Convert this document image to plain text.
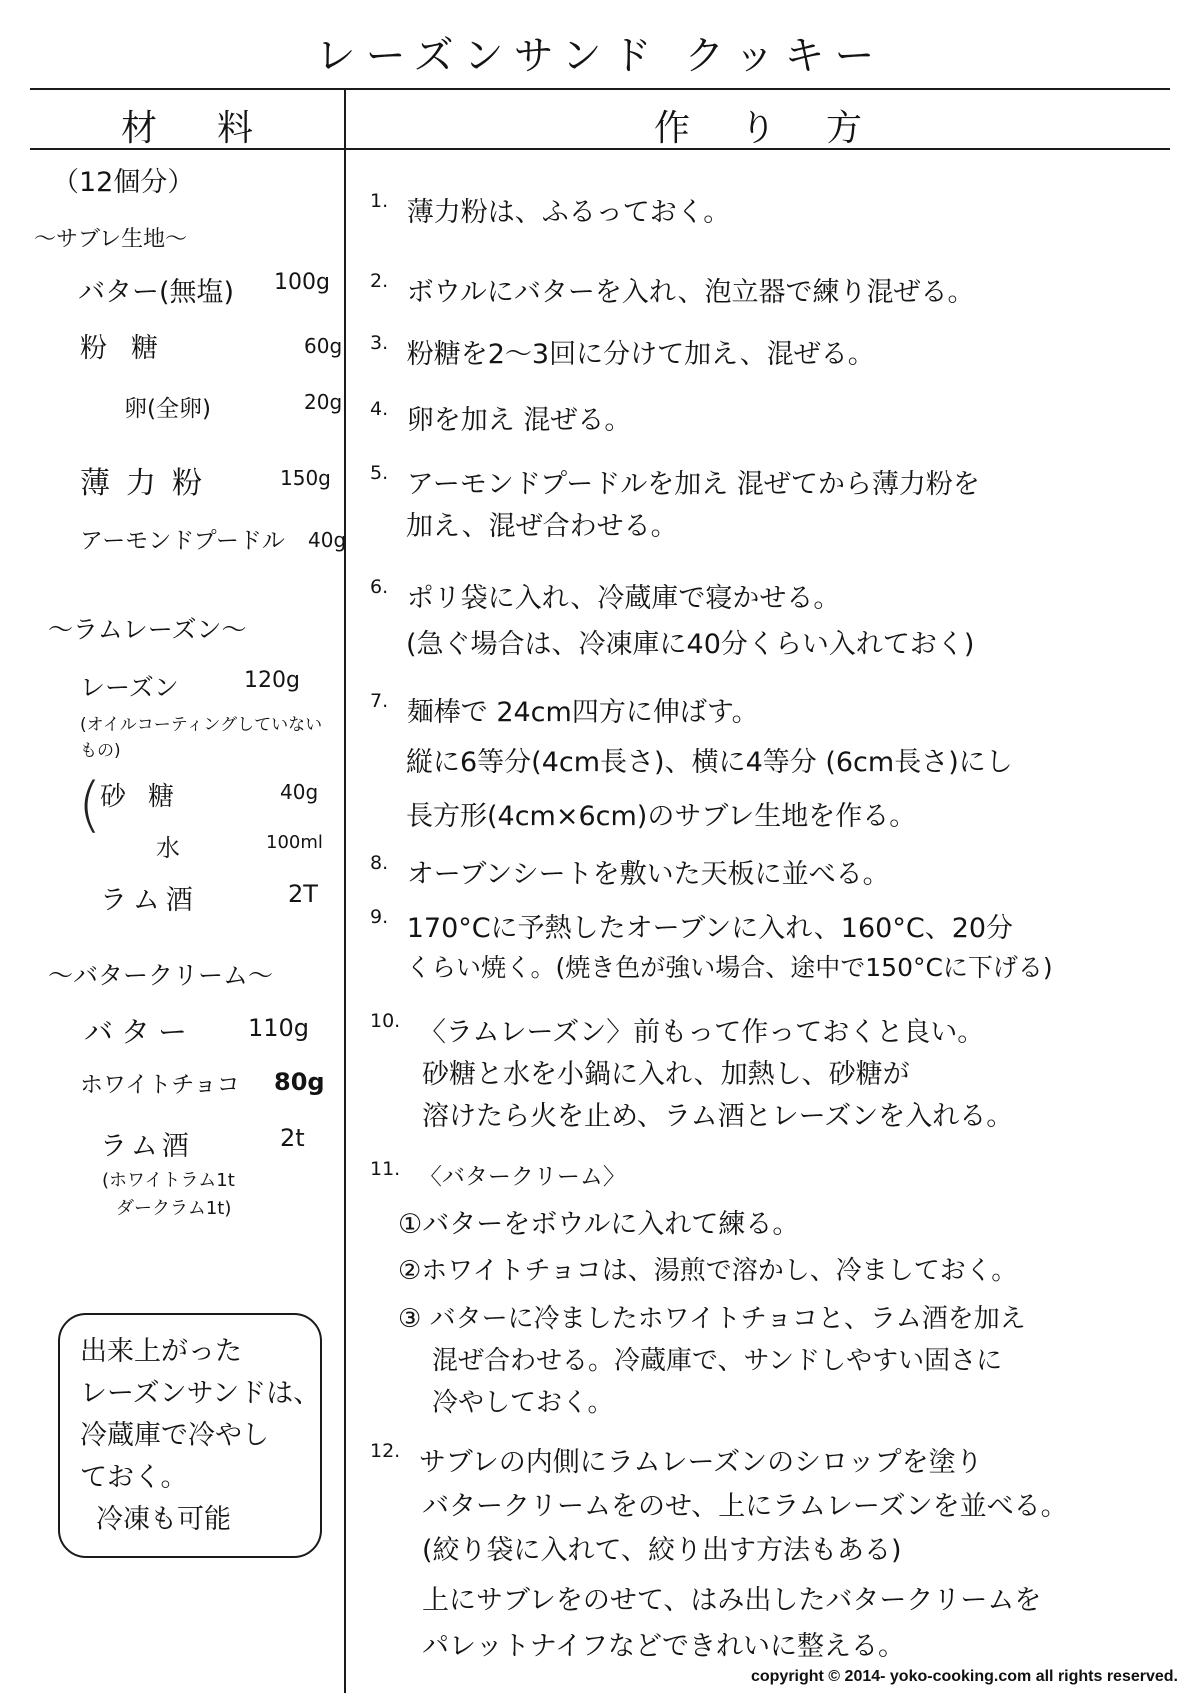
レーズンサンド クッキー
材料	作り方
（12個分）
〜サブレ生地〜
バター(無塩) 100g
粉糖	60g
卵(全卵)	20g
薄力粉	150g
アーモンドプードル 40g
〜ラムレーズン〜
レーズン	120g
(オイルコーティングしていない
もの)
(
砂糖	40g
水	100ml
ラム酒	2T
〜バタークリーム〜
バター 110g
ホワイトチョコ 80g
ラム酒	2t
(ホワイトラム1t
ダークラム1t)
出来上がった
レーズンサンドは、
冷蔵庫で冷やし
ておく。
冷凍も可能
1. 薄力粉は、ふるっておく。
2. ボウルにバターを入れ、泡立器で練り混ぜる。
3. 粉糖を2〜3回に分けて加え、混ぜる。
4. 卵を加え 混ぜる。
5. アーモンドプードルを加え 混ぜてから薄力粉を
加え、混ぜ合わせる。
6. ポリ袋に入れ、冷蔵庫で寝かせる。
(急ぐ場合は、冷凍庫に40分くらい入れておく)
7. 麺棒で 24cm四方に伸ばす。
縦に6等分(4cm長さ)、横に4等分 (6cm長さ)にし
長方形(4cm×6cm)のサブレ生地を作る。
8. オーブンシートを敷いた天板に並べる。
9. 170°Cに予熱したオーブンに入れ、160°C、20分
くらい焼く。(焼き色が強い場合、途中で150°Cに下げる)
10. 〈ラムレーズン〉前もって作っておくと良い。
砂糖と水を小鍋に入れ、加熱し、砂糖が
溶けたら火を止め、ラム酒とレーズンを入れる。
11. 〈バタークリーム〉
①バターをボウルに入れて練る。
②ホワイトチョコは、湯煎で溶かし、冷ましておく。
③ バターに冷ましたホワイトチョコと、ラム酒を加え
混ぜ合わせる。冷蔵庫で、サンドしやすい固さに
冷やしておく。
12. サブレの内側にラムレーズンのシロップを塗り
バタークリームをのせ、上にラムレーズンを並べる。
(絞り袋に入れて、絞り出す方法もある)
上にサブレをのせて、はみ出したバタークリームを
パレットナイフなどできれいに整える。
copyright © 2014- yoko-cooking.com all rights reserved.
